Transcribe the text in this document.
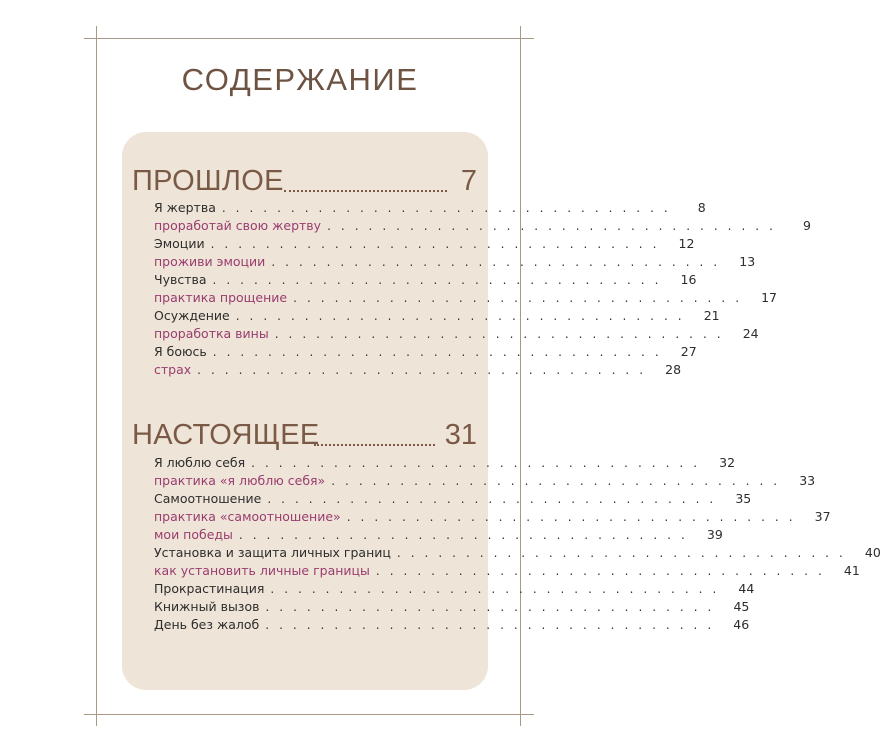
СОДЕРЖАНИЕ
ПРОШЛОЕ	7
Я жертва .................................	8
проработай свою жертву .................................	9
Эмоции ................................. 12
проживи эмоции ................................. 13
Чувства ................................. 16
практика прощение ................................. 17
Осуждение ................................. 21
проработка вины ................................. 24
Я боюсь ................................. 27
страх ................................. 28
НАСТОЯЩЕЕ	31
Я люблю себя ................................. 32
практика «я люблю себя» ................................. 33
Самоотношение ................................. 35
практика «самоотношение» ................................. 37
мои победы ................................. 39
Установка и защита личных границ ................................. 40
как установить личные границы ................................. 41
Прокрастинация ................................. 44
Книжный вызов ................................. 45
День без жалоб ................................. 46
